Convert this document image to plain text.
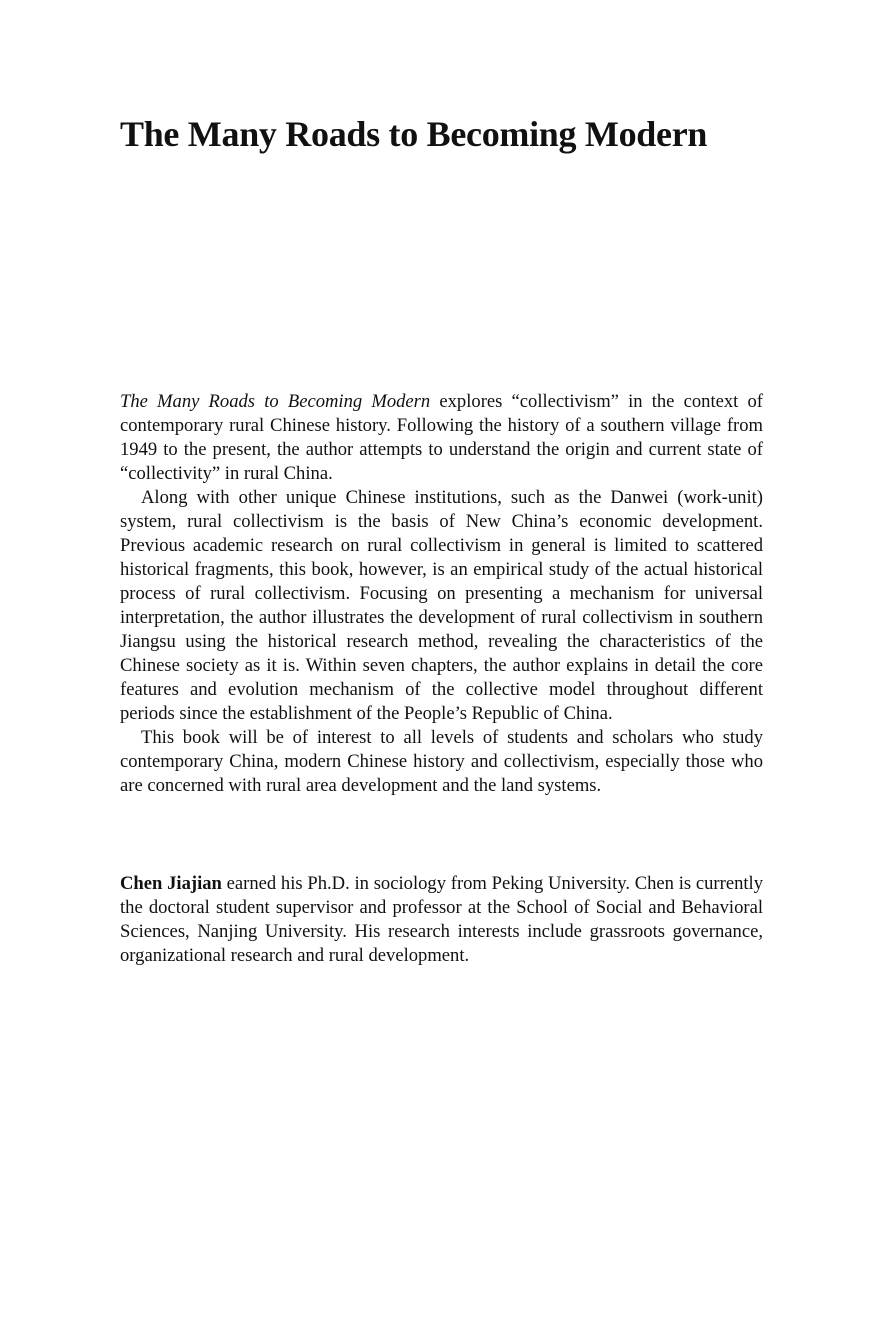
The Many Roads to Becoming Modern

The Many Roads to Becoming Modern explores “collectivism” in the context of contemporary rural Chinese history. Following the history of a southern village from 1949 to the present, the author attempts to understand the origin and current state of “collectivity” in rural China.

Along with other unique Chinese institutions, such as the Danwei (work-unit) system, rural collectivism is the basis of New China’s economic development. Previous academic research on rural collectivism in general is limited to scattered historical fragments, this book, however, is an empirical study of the actual historical process of rural collectivism. Focusing on presenting a mechanism for universal interpretation, the author illustrates the development of rural collectivism in southern Jiangsu using the historical research method, revealing the characteristics of the Chinese society as it is. Within seven chapters, the author explains in detail the core features and evolution mechanism of the collective model throughout different periods since the establishment of the People’s Republic of China.

This book will be of interest to all levels of students and scholars who study contemporary China, modern Chinese history and collectivism, especially those who are concerned with rural area development and the land systems.

Chen Jiajian earned his Ph.D. in sociology from Peking University. Chen is currently the doctoral student supervisor and professor at the School of Social and Behavioral Sciences, Nanjing University. His research interests include grassroots governance, organizational research and rural development.
